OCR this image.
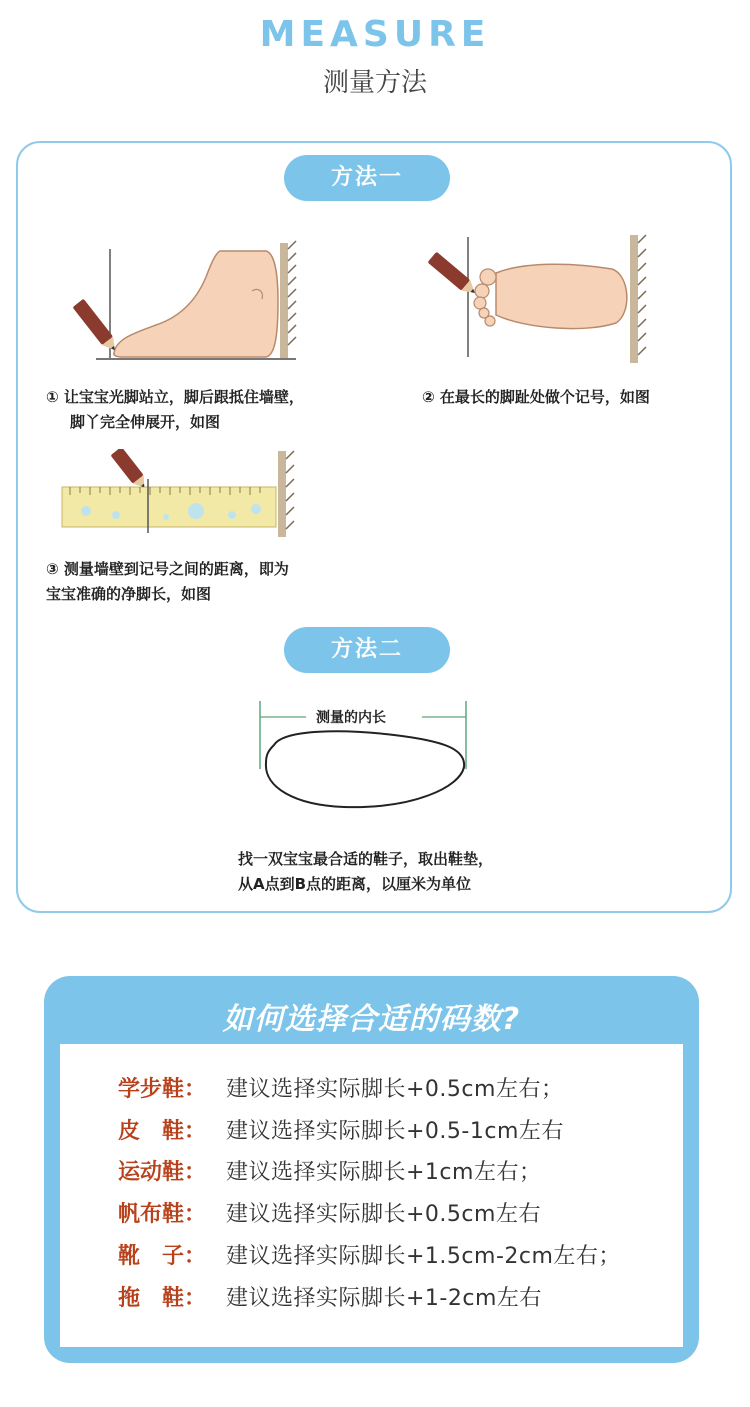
MEASURE
测量方法
方法一
① 让宝宝光脚站立，脚后跟抵住墙壁，
脚丫完全伸展开，如图
② 在最长的脚趾处做个记号，如图
③ 测量墙壁到记号之间的距离，即为
宝宝准确的净脚长，如图
方法二
测量的内长
找一双宝宝最合适的鞋子，取出鞋垫，
从A点到B点的距离，以厘米为单位
如何选择合适的码数?
学步鞋： 建议选择实际脚长+0.5cm左右；
皮　鞋： 建议选择实际脚长+0.5-1cm左右
运动鞋： 建议选择实际脚长+1cm左右；
帆布鞋： 建议选择实际脚长+0.5cm左右
靴　子： 建议选择实际脚长+1.5cm-2cm左右；
拖　鞋： 建议选择实际脚长+1-2cm左右
